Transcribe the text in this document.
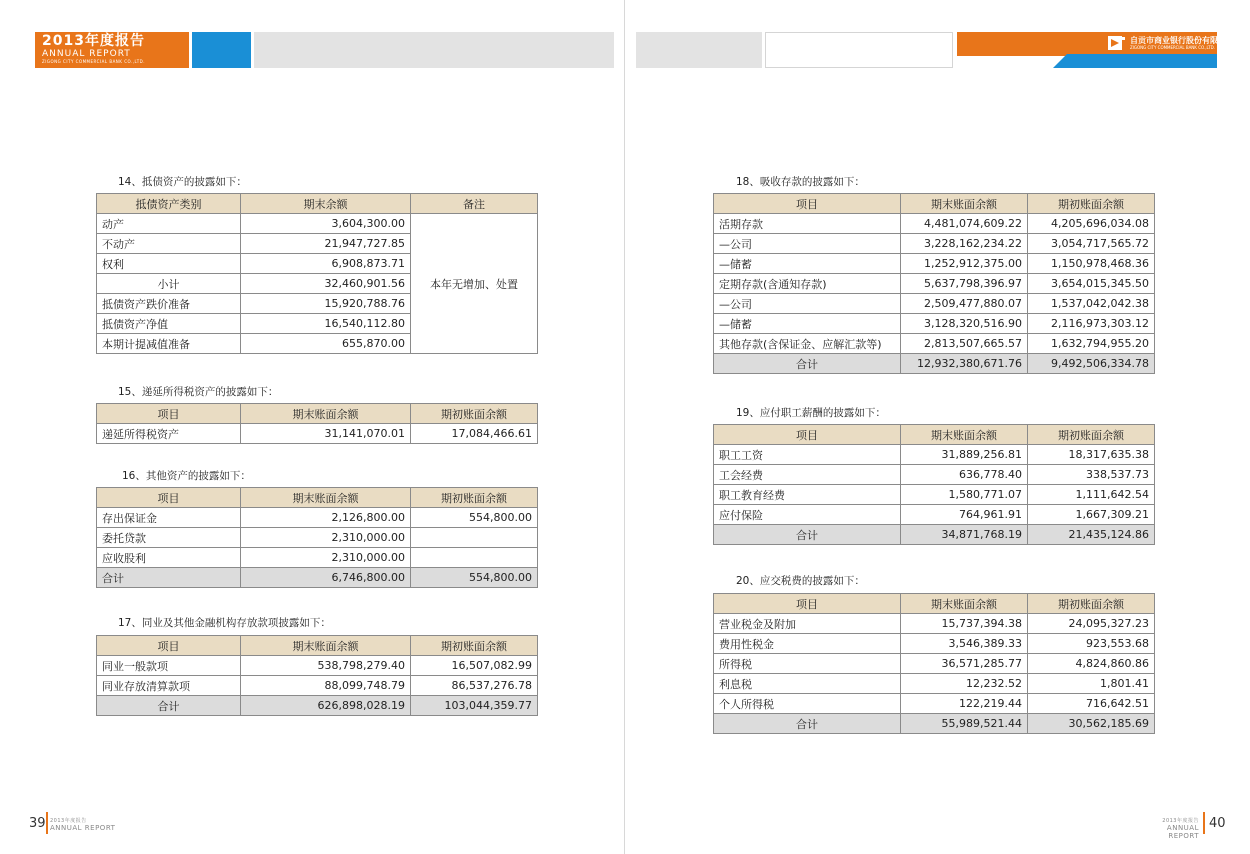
2013年度报告
ANNUAL REPORT
ZIGONG CITY COMMERCIAL BANK CO.,LTD.
自贡市商业银行股份有限公司
ZIGONG CITY COMMERCIAL BANK CO.,LTD.
14、抵债资产的披露如下：
抵债资产类别	期末余额	备注
动产	3,604,300.00	本年无增加、处置
不动产	21,947,727.85	
权利	6,908,873.71	
小计	32,460,901.56	
抵债资产跌价准备	15,920,788.76	
抵债资产净值	16,540,112.80	
本期计提减值准备	655,870.00	
15、递延所得税资产的披露如下：
项目	期末账面余额	期初账面余额
递延所得税资产	31,141,070.01	17,084,466.61
16、其他资产的披露如下：
项目	期末账面余额	期初账面余额
存出保证金	2,126,800.00	554,800.00
委托贷款	2,310,000.00	
应收股利	2,310,000.00	
合计	6,746,800.00	554,800.00
17、同业及其他金融机构存放款项披露如下：
项目	期末账面余额	期初账面余额
同业一般款项	538,798,279.40	16,507,082.99
同业存放清算款项	88,099,748.79	86,537,276.78
合计	626,898,028.19	103,044,359.77
18、吸收存款的披露如下：
项目	期末账面余额	期初账面余额
活期存款	4,481,074,609.22	4,205,696,034.08
—公司	3,228,162,234.22	3,054,717,565.72
—储蓄	1,252,912,375.00	1,150,978,468.36
定期存款(含通知存款)	5,637,798,396.97	3,654,015,345.50
—公司	2,509,477,880.07	1,537,042,042.38
—储蓄	3,128,320,516.90	2,116,973,303.12
其他存款(含保证金、应解汇款等)	2,813,507,665.57	1,632,794,955.20
合计	12,932,380,671.76	9,492,506,334.78
19、应付职工薪酬的披露如下：
项目	期末账面余额	期初账面余额
职工工资	31,889,256.81	18,317,635.38
工会经费	636,778.40	338,537.73
职工教育经费	1,580,771.07	1,111,642.54
应付保险	764,961.91	1,667,309.21
合计	34,871,768.19	21,435,124.86
20、应交税费的披露如下：
项目	期末账面余额	期初账面余额
营业税金及附加	15,737,394.38	24,095,327.23
费用性税金	3,546,389.33	923,553.68
所得税	36,571,285.77	4,824,860.86
利息税	12,232.52	1,801.41
个人所得税	122,219.44	716,642.51
合计	55,989,521.44	30,562,185.69
39 2013年度报告
ANNUAL REPORT
2013年度报告
ANNUAL REPORT
40
